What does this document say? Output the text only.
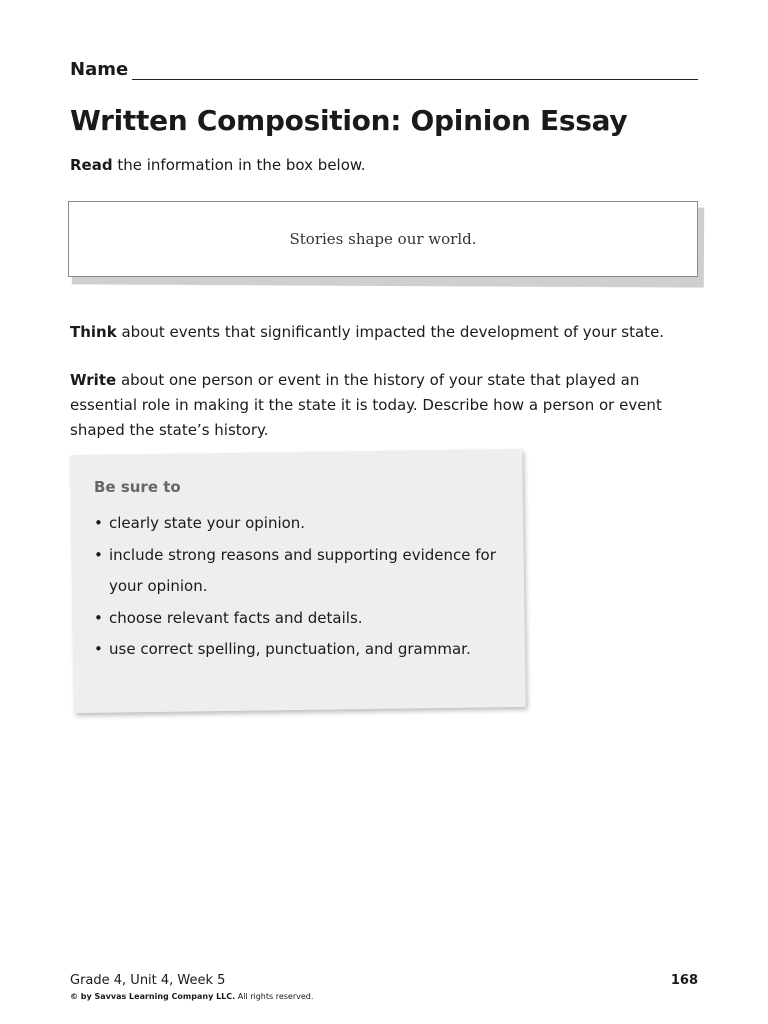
Name
Written Composition: Opinion Essay

Read the information in the box below.

Stories shape our world.

Think about events that significantly impacted the development of your state.

Write about one person or event in the history of your state that played an essential role in making it the state it is today. Describe how a person or event shaped the state’s history.

Be sure to

• clearly state your opinion.
• include strong reasons and supporting evidence for your opinion.
• choose relevant facts and details.
• use correct spelling, punctuation, and grammar.
Grade 4, Unit 4, Week 5	168
© by Savvas Learning Company LLC. All rights reserved.
